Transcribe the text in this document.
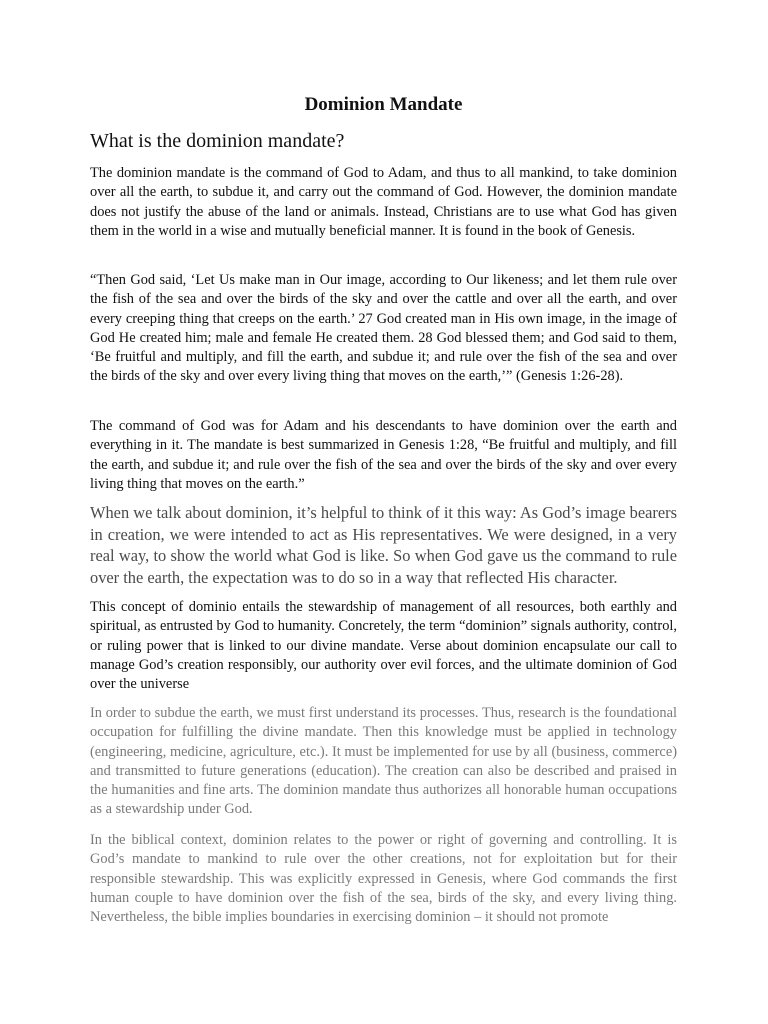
Dominion Mandate
What is the dominion mandate?

The dominion mandate is the command of God to Adam, and thus to all mankind, to take dominion over all the earth, to subdue it, and carry out the command of God. However, the dominion mandate does not justify the abuse of the land or animals. Instead, Christians are to use what God has given them in the world in a wise and mutually beneficial manner. It is found in the book of Genesis.

“Then God said, ‘Let Us make man in Our image, according to Our likeness; and let them rule over the fish of the sea and over the birds of the sky and over the cattle and over all the earth, and over every creeping thing that creeps on the earth.’ 27 God created man in His own image, in the image of God He created him; male and female He created them. 28 God blessed them; and God said to them, ‘Be fruitful and multiply, and fill the earth, and subdue it; and rule over the fish of the sea and over the birds of the sky and over every living thing that moves on the earth,’” (Genesis 1:26-28).

The command of God was for Adam and his descendants to have dominion over the earth and everything in it. The mandate is best summarized in Genesis 1:28, “Be fruitful and multiply, and fill the earth, and subdue it; and rule over the fish of the sea and over the birds of the sky and over every living thing that moves on the earth.”

When we talk about dominion, it’s helpful to think of it this way: As God’s image bearers in creation, we were intended to act as His representatives. We were designed, in a very real way, to show the world what God is like. So when God gave us the command to rule over the earth, the expectation was to do so in a way that reflected His character.

This concept of dominio entails the stewardship of management of all resources, both earthly and spiritual, as entrusted by God to humanity. Concretely, the term “dominion” signals authority, control, or ruling power that is linked to our divine mandate. Verse about dominion encapsulate our call to manage God’s creation responsibly, our authority over evil forces, and the ultimate dominion of God over the universe

In order to subdue the earth, we must first understand its processes. Thus, research is the foundational occupation for fulfilling the divine mandate. Then this knowledge must be applied in technology (engineering, medicine, agriculture, etc.). It must be implemented for use by all (business, commerce) and transmitted to future generations (education). The creation can also be described and praised in the humanities and fine arts. The dominion mandate thus authorizes all honorable human occupations as a stewardship under God.

In the biblical context, dominion relates to the power or right of governing and controlling. It is God’s mandate to mankind to rule over the other creations, not for exploitation but for their responsible stewardship. This was explicitly expressed in Genesis, where God commands the first human couple to have dominion over the fish of the sea, birds of the sky, and every living thing. Nevertheless, the bible implies boundaries in exercising dominion – it should not promote
